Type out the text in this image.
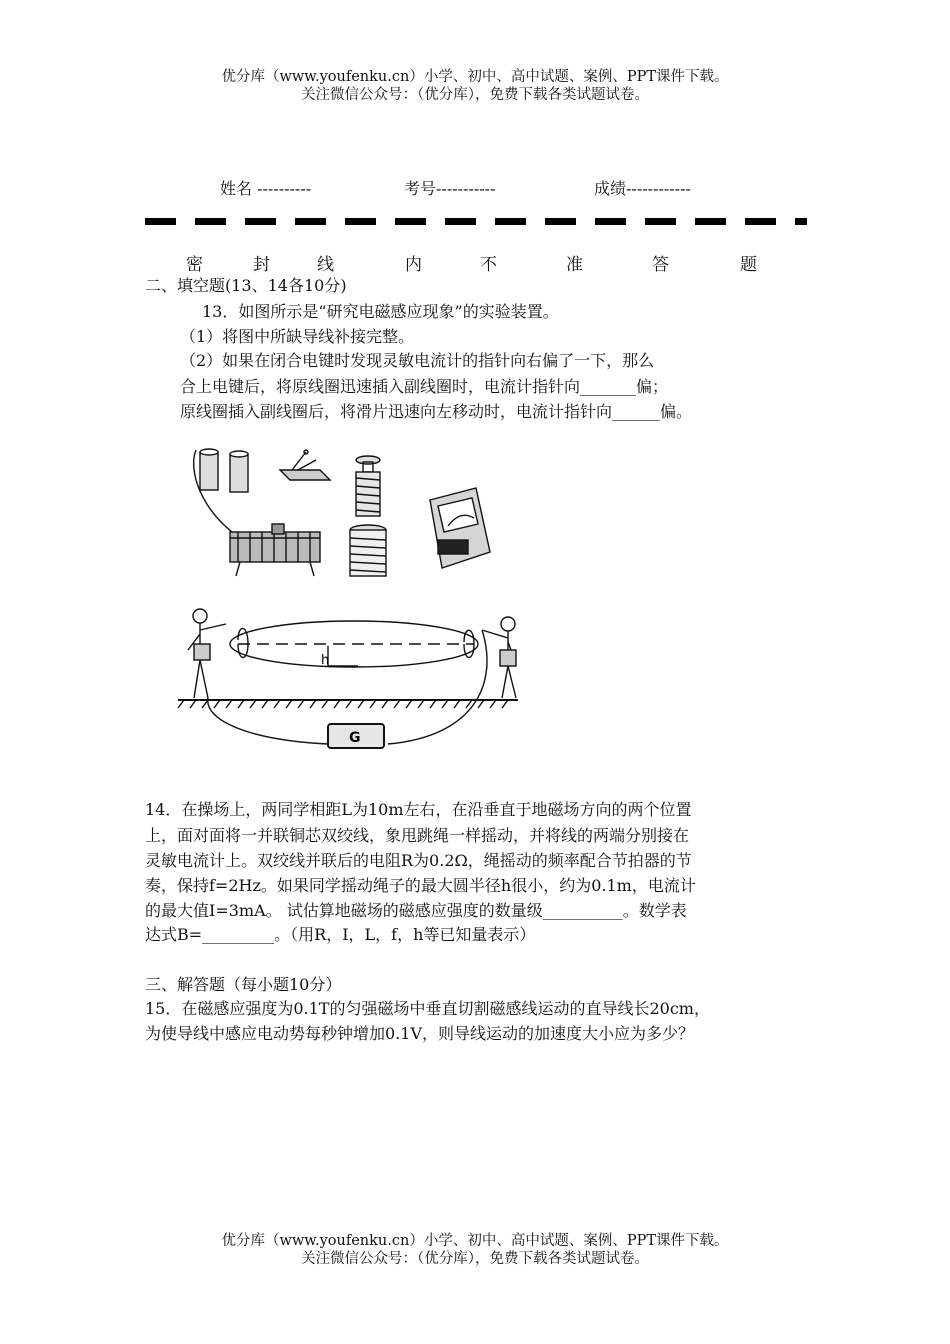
优分库（www.youfenku.cn）小学、初中、高中试题、案例、PPT课件下载。
关注微信公众号：（优分库），免费下载各类试题试卷。
姓名 ----------	考号-----------	成绩------------
密	封	线	内	不	准	答	题
二、填空题(13、14各10分)
13．如图所示是“研究电磁感应现象”的实验装置。
（1）将图中所缺导线补接完整。
（2）如果在闭合电键时发现灵敏电流计的指针向右偏了一下，那么
合上电键后，将原线圈迅速插入副线圈时，电流计指针向_______偏；
原线圈插入副线圈后，将滑片迅速向左移动时，电流计指针向______偏。
h
G
14．在操场上，两同学相距L为10m左右，在沿垂直于地磁场方向的两个位置
上，面对面将一并联铜芯双绞线，象甩跳绳一样摇动，并将线的两端分别接在
灵敏电流计上。双绞线并联后的电阻R为0.2Ω，绳摇动的频率配合节拍器的节
奏，保持f=2Hz。如果同学摇动绳子的最大圆半径h很小，约为0.1m，电流计
的最大值I=3mA。 试估算地磁场的磁感应强度的数量级__________。数学表
达式B=_________。（用R，I，L，f，h等已知量表示）
三、解答题（每小题10分）
15．在磁感应强度为0.1T的匀强磁场中垂直切割磁感线运动的直导线长20cm，
为使导线中感应电动势每秒钟增加0.1V，则导线运动的加速度大小应为多少？
优分库（www.youfenku.cn）小学、初中、高中试题、案例、PPT课件下载。
关注微信公众号：（优分库），免费下载各类试题试卷。
